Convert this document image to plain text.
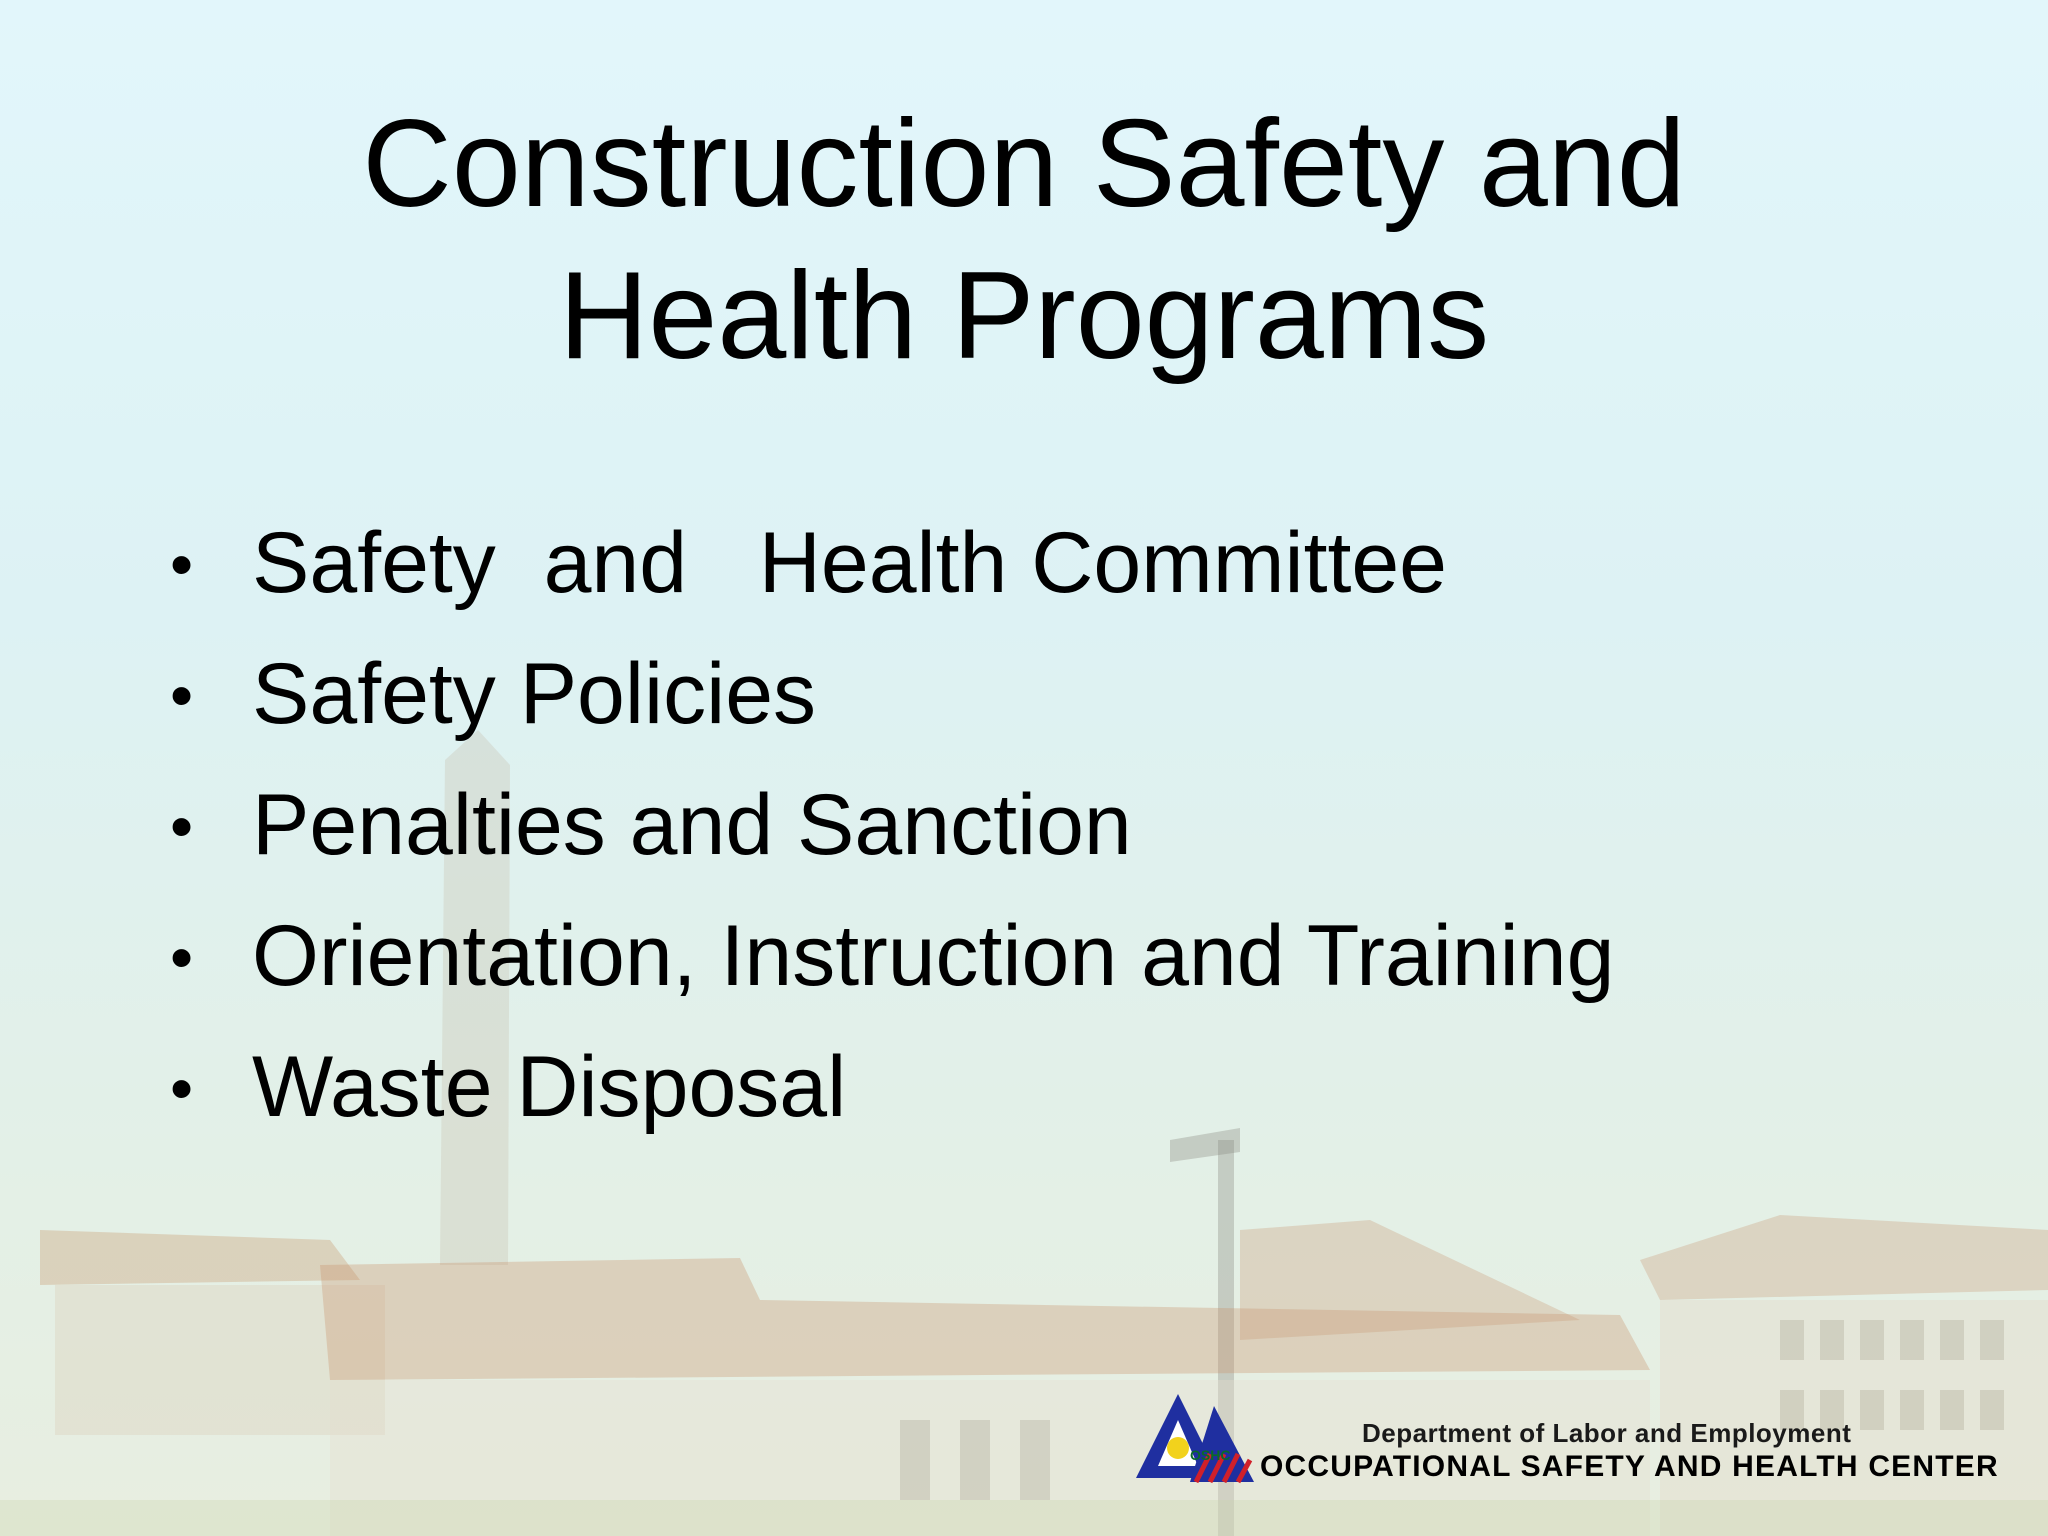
Construction Safety and
Health Programs
• Safety  and   Health Committee
• Safety Policies
• Penalties and Sanction
• Orientation, Instruction and Training
• Waste Disposal
OSHC
Department of Labor and Employment
OCCUPATIONAL SAFETY AND HEALTH CENTER
